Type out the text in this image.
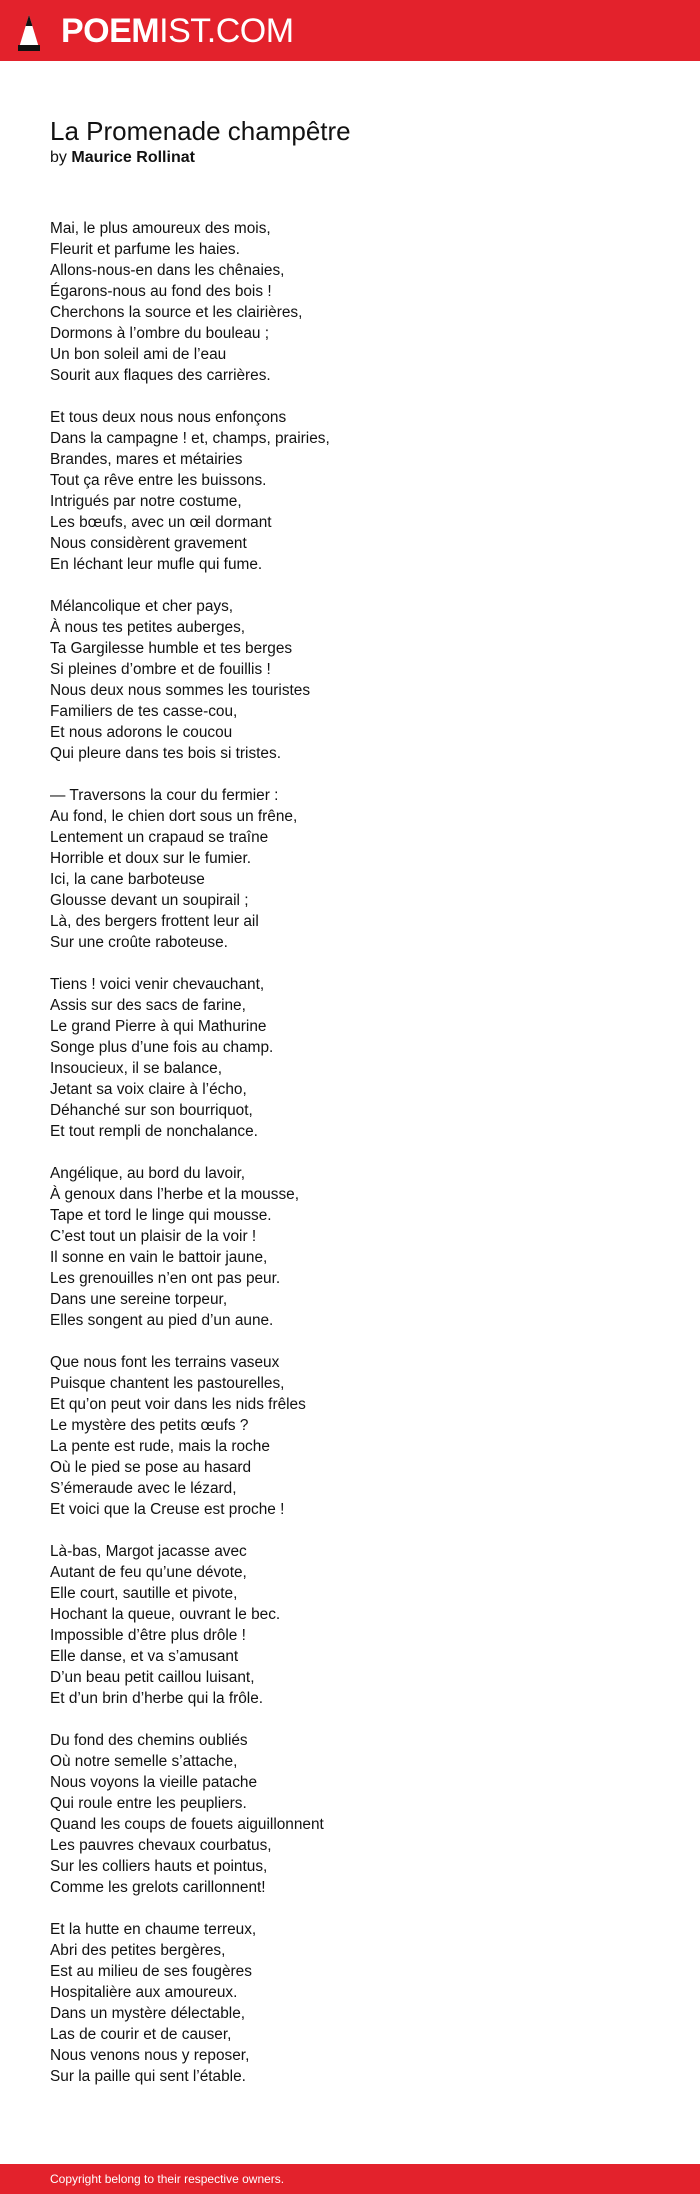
POEMIST.COM
La Promenade champêtre
by Maurice Rollinat
Mai, le plus amoureux des mois,
Fleurit et parfume les haies.
Allons-nous-en dans les chênaies,
Égarons-nous au fond des bois !
Cherchons la source et les clairières,
Dormons à l’ombre du bouleau ;
Un bon soleil ami de l’eau
Sourit aux flaques des carrières.
Et tous deux nous nous enfonçons
Dans la campagne ! et, champs, prairies,
Brandes, mares et métairies
Tout ça rêve entre les buissons.
Intrigués par notre costume,
Les bœufs, avec un œil dormant
Nous considèrent gravement
En léchant leur mufle qui fume.
Mélancolique et cher pays,
À nous tes petites auberges,
Ta Gargilesse humble et tes berges
Si pleines d’ombre et de fouillis !
Nous deux nous sommes les touristes
Familiers de tes casse-cou,
Et nous adorons le coucou
Qui pleure dans tes bois si tristes.
— Traversons la cour du fermier :
Au fond, le chien dort sous un frêne,
Lentement un crapaud se traîne
Horrible et doux sur le fumier.
Ici, la cane barboteuse
Glousse devant un soupirail ;
Là, des bergers frottent leur ail
Sur une croûte raboteuse.
Tiens ! voici venir chevauchant,
Assis sur des sacs de farine,
Le grand Pierre à qui Mathurine
Songe plus d’une fois au champ.
Insoucieux, il se balance,
Jetant sa voix claire à l’écho,
Déhanché sur son bourriquot,
Et tout rempli de nonchalance.
Angélique, au bord du lavoir,
À genoux dans l’herbe et la mousse,
Tape et tord le linge qui mousse.
C’est tout un plaisir de la voir !
Il sonne en vain le battoir jaune,
Les grenouilles n’en ont pas peur.
Dans une sereine torpeur,
Elles songent au pied d’un aune.
Que nous font les terrains vaseux
Puisque chantent les pastourelles,
Et qu’on peut voir dans les nids frêles
Le mystère des petits œufs ?
La pente est rude, mais la roche
Où le pied se pose au hasard
S’émeraude avec le lézard,
Et voici que la Creuse est proche !
Là-bas, Margot jacasse avec
Autant de feu qu’une dévote,
Elle court, sautille et pivote,
Hochant la queue, ouvrant le bec.
Impossible d’être plus drôle !
Elle danse, et va s’amusant
D’un beau petit caillou luisant,
Et d’un brin d’herbe qui la frôle.
Du fond des chemins oubliés
Où notre semelle s’attache,
Nous voyons la vieille patache
Qui roule entre les peupliers.
Quand les coups de fouets aiguillonnent
Les pauvres chevaux courbatus,
Sur les colliers hauts et pointus,
Comme les grelots carillonnent!
Et la hutte en chaume terreux,
Abri des petites bergères,
Est au milieu de ses fougères
Hospitalière aux amoureux.
Dans un mystère délectable,
Las de courir et de causer,
Nous venons nous y reposer,
Sur la paille qui sent l’étable.
Copyright belong to their respective owners.
